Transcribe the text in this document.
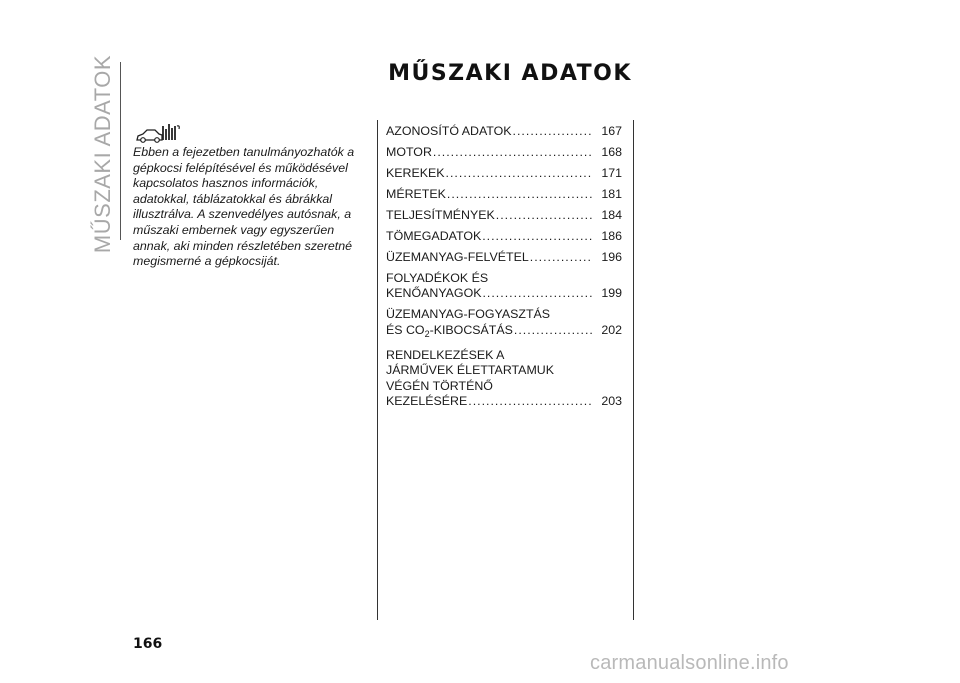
MŰSZAKI ADATOK	MŰSZAKI ADATOK
Ebben a fejezetben tanulmányozhatók a gépkocsi felépítésével és működésével kapcsolatos hasznos információk, adatokkal, táblázatokkal és ábrákkal illusztrálva. A szenvedélyes autósnak, a műszaki embernek vagy egyszerűen annak, aki minden részletében szeretné megismerné a gépkocsiját.
AZONOSÍTÓ ADATOK .....	167
MOTOR .....	168
KEREKEK .....	171
MÉRETEK .....	181
TELJESÍTMÉNYEK .....	184
TÖMEGADATOK .....	186
ÜZEMANYAG-FELVÉTEL .....	196
FOLYADÉKOK ÉS
KENŐANYAGOK .....	199
ÜZEMANYAG-FOGYASZTÁS
ÉS $CO_2$-KIBOCSÁTÁS .....	202
RENDELKEZÉSEK A
JÁRMŰVEK ÉLETTARTAMUK
VÉGÉN TÖRTÉNŐ
KEZELÉSÉRE .....	203
166
carmanualsonline.info
